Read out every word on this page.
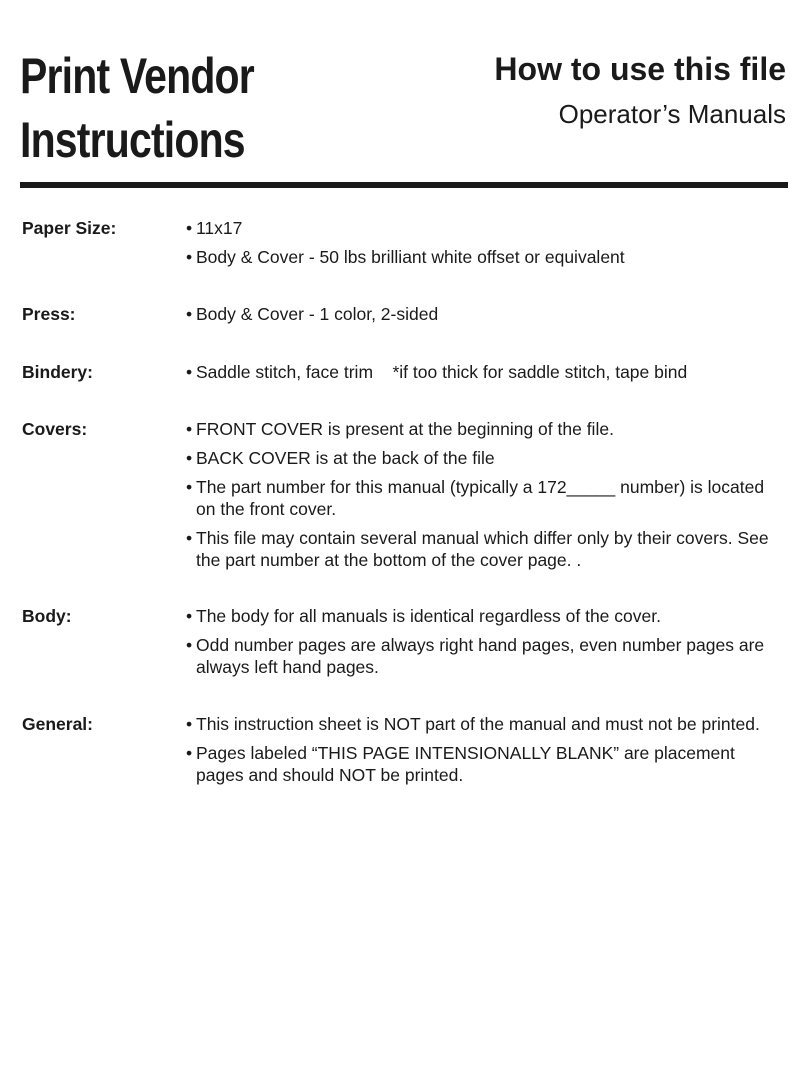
Print Vendor
Instructions
How to use this file
Operator’s Manuals
Paper Size:	• 11x17
• Body & Cover - 50 lbs brilliant white offset or equivalent
Press:	• Body & Cover - 1 color, 2-sided
Bindery:	• Saddle stitch, face trim    *if too thick for saddle stitch, tape bind
Covers:	• FRONT COVER is present at the beginning of the file.
• BACK COVER is at the back of the file
• The part number for this manual (typically a 172_____ number) is located on the front cover.
• This file may contain several manual which differ only by their covers. See the part number at the bottom of the cover page. .
Body:	• The body for all manuals is identical regardless of the cover.
• Odd number pages are always right hand pages, even number pages are always left hand pages.
General:	• This instruction sheet is NOT part of the manual and must not be printed.
• Pages labeled “THIS PAGE INTENSIONALLY BLANK” are placement pages and should NOT be printed.
